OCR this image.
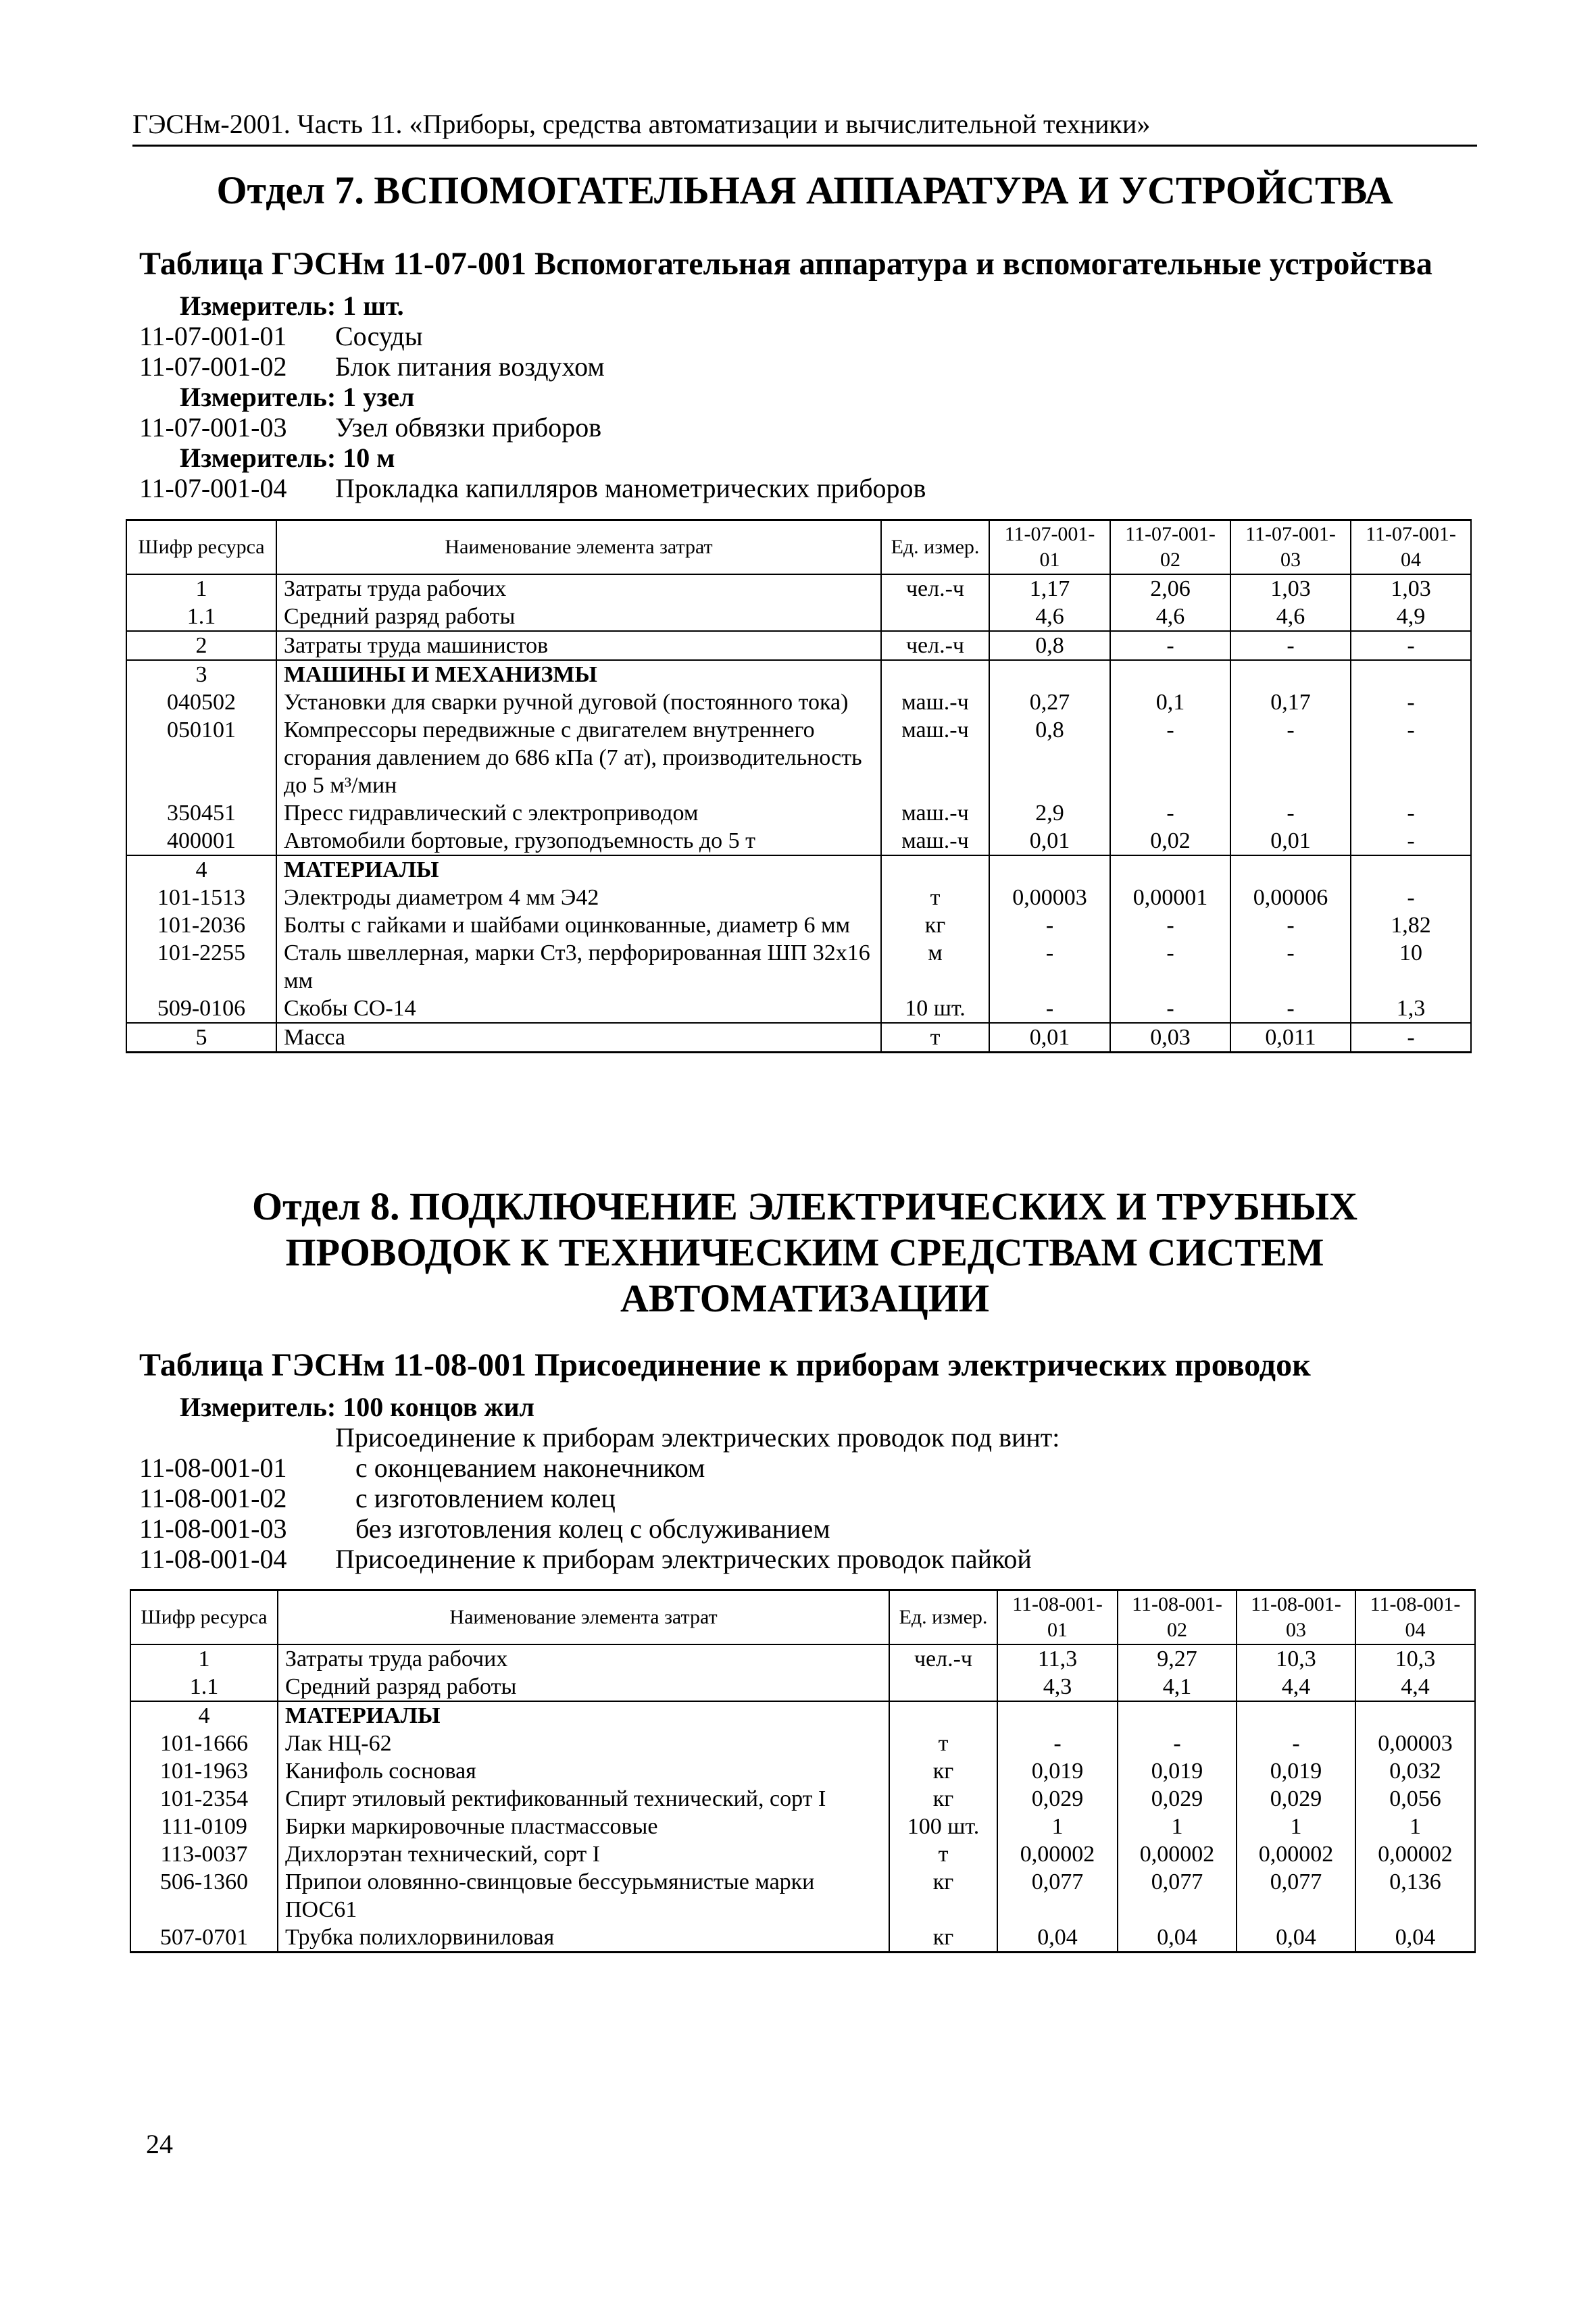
ГЭСНм-2001. Часть 11. «Приборы, средства автоматизации и вычислительной техники»
Отдел 7. ВСПОМОГАТЕЛЬНАЯ АППАРАТУРА И УСТРОЙСТВА
Таблица ГЭСНм 11-07-001 Вспомогательная аппаратура и вспомогательные устройства
Измеритель: 1 шт.
11-07-001-01 Сосуды
11-07-001-02 Блок питания воздухом
Измеритель: 1 узел
11-07-001-03 Узел обвязки приборов
Измеритель: 10 м
11-07-001-04 Прокладка капилляров манометрических приборов
Шифр ресурса	Наименование элемента затрат	Ед. измер.	11-07-001-01	11-07-001-02	11-07-001-03	11-07-001-04
1	Затраты труда рабочих	чел.-ч	1,17	2,06	1,03	1,03
1.1	Средний разряд работы		4,6	4,6	4,6	4,9
2	Затраты труда машинистов	чел.-ч	0,8	-	-	-
3	МАШИНЫ И МЕХАНИЗМЫ					
040502	Установки для сварки ручной дуговой (постоянного тока)	маш.-ч	0,27	0,1	0,17	-
050101	Компрессоры передвижные с двигателем внутреннего сгорания давлением до 686 кПа (7 ат), производительность до 5 м³/мин	маш.-ч	0,8	-	-	-
350451	Пресс гидравлический с электроприводом	маш.-ч	2,9	-	-	-
400001	Автомобили бортовые, грузоподъемность до 5 т	маш.-ч	0,01	0,02	0,01	-
4	МАТЕРИАЛЫ					
101-1513	Электроды диаметром 4 мм Э42	т	0,00003	0,00001	0,00006	-
101-2036	Болты с гайками и шайбами оцинкованные, диаметр 6 мм	кг	-	-	-	1,82
101-2255	Сталь швеллерная, марки Ст3, перфорированная ШП 32х16 мм	м	-	-	-	10
509-0106	Скобы СО-14	10 шт.	-	-	-	1,3
5	Масса	т	0,01	0,03	0,011	-
Отдел 8. ПОДКЛЮЧЕНИЕ ЭЛЕКТРИЧЕСКИХ И ТРУБНЫХ
ПРОВОДОК К ТЕХНИЧЕСКИМ СРЕДСТВАМ СИСТЕМ
АВТОМАТИЗАЦИИ
Таблица ГЭСНм 11-08-001 Присоединение к приборам электрических проводок
Измеритель: 100 концов жил
Присоединение к приборам электрических проводок под винт:
11-08-001-01	с оконцеванием наконечником
11-08-001-02	с изготовлением колец
11-08-001-03	без изготовления колец с обслуживанием
11-08-001-04 Присоединение к приборам электрических проводок пайкой
Шифр ресурса	Наименование элемента затрат	Ед. измер.	11-08-001-01	11-08-001-02	11-08-001-03	11-08-001-04
1	Затраты труда рабочих	чел.-ч	11,3	9,27	10,3	10,3
1.1	Средний разряд работы		4,3	4,1	4,4	4,4
4	МАТЕРИАЛЫ					
101-1666	Лак НЦ-62	т	-	-	-	0,00003
101-1963	Канифоль сосновая	кг	0,019	0,019	0,019	0,032
101-2354	Спирт этиловый ректификованный технический, сорт I	кг	0,029	0,029	0,029	0,056
111-0109	Бирки маркировочные пластмассовые	100 шт.	1	1	1	1
113-0037	Дихлорэтан технический, сорт I	т	0,00002	0,00002	0,00002	0,00002
506-1360	Припои оловянно-свинцовые бессурьмянистые марки ПОС61	кг	0,077	0,077	0,077	0,136
507-0701	Трубка полихлорвиниловая	кг	0,04	0,04	0,04	0,04
24
